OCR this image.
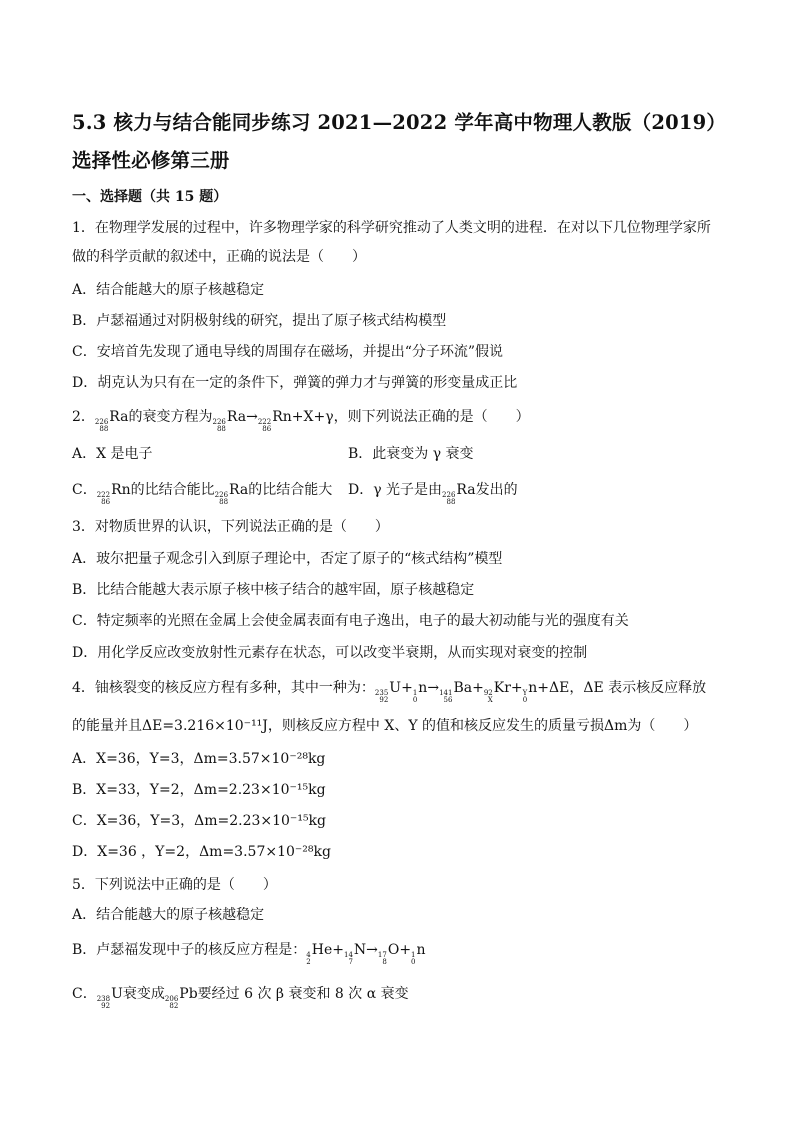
5.3 核力与结合能同步练习 2021—2022 学年高中物理人教版（2019）
选择性必修第三册
一、选择题（共 15 题）
1．在物理学发展的过程中，许多物理学家的科学研究推动了人类文明的进程．在对以下几位物理学家所
做的科学贡献的叙述中，正确的说法是（　　）
A．结合能越大的原子核越稳定
B．卢瑟福通过对阴极射线的研究，提出了原子核式结构模型
C．安培首先发现了通电导线的周围存在磁场，并提出“分子环流”假说
D．胡克认为只有在一定的条件下，弹簧的弹力才与弹簧的形变量成正比
2． 226
88
Ra的衰变方程为 226
88
Ra→ 222
86
Rn+X+γ，则下列说法正确的是（　　）
A．X 是电子	B．此衰变为 γ 衰变
C． 222
86
Rn的比结合能比 226
88
Ra的比结合能大 D．γ 光子是由 226
88
Ra发出的
3．对物质世界的认识，下列说法正确的是（　　）
A．玻尔把量子观念引入到原子理论中，否定了原子的“核式结构”模型
B．比结合能越大表示原子核中核子结合的越牢固，原子核越稳定
C．特定频率的光照在金属上会使金属表面有电子逸出，电子的最大初动能与光的强度有关
D．用化学反应改变放射性元素存在状态，可以改变半衰期，从而实现对衰变的控制
4．铀核裂变的核反应方程有多种，其中一种为： 235
92
U+ 1
0
n→ 141
56
Ba+ 92
X
Kr+ Y
0
n+ΔE，ΔE 表示核反应释放
的能量并且ΔE=3.216×10⁻¹¹J，则核反应方程中 X、Y 的值和核反应发生的质量亏损Δm为（　　）
A．X=36，Y=3，Δm=3.57×10⁻²⁸kg
B．X=33，Y=2，Δm=2.23×10⁻¹⁵kg
C．X=36，Y=3，Δm=2.23×10⁻¹⁵kg
D．X=36 ，Y=2，Δm=3.57×10⁻²⁸kg
5．下列说法中正确的是（　　）
A．结合能越大的原子核越稳定
B．卢瑟福发现中子的核反应方程是： 4
2
He+ 14
7
N→ 17
8
O+ 1
0
n
C． 238
92
U衰变成 206
82
Pb要经过 6 次 β 衰变和 8 次 α 衰变
